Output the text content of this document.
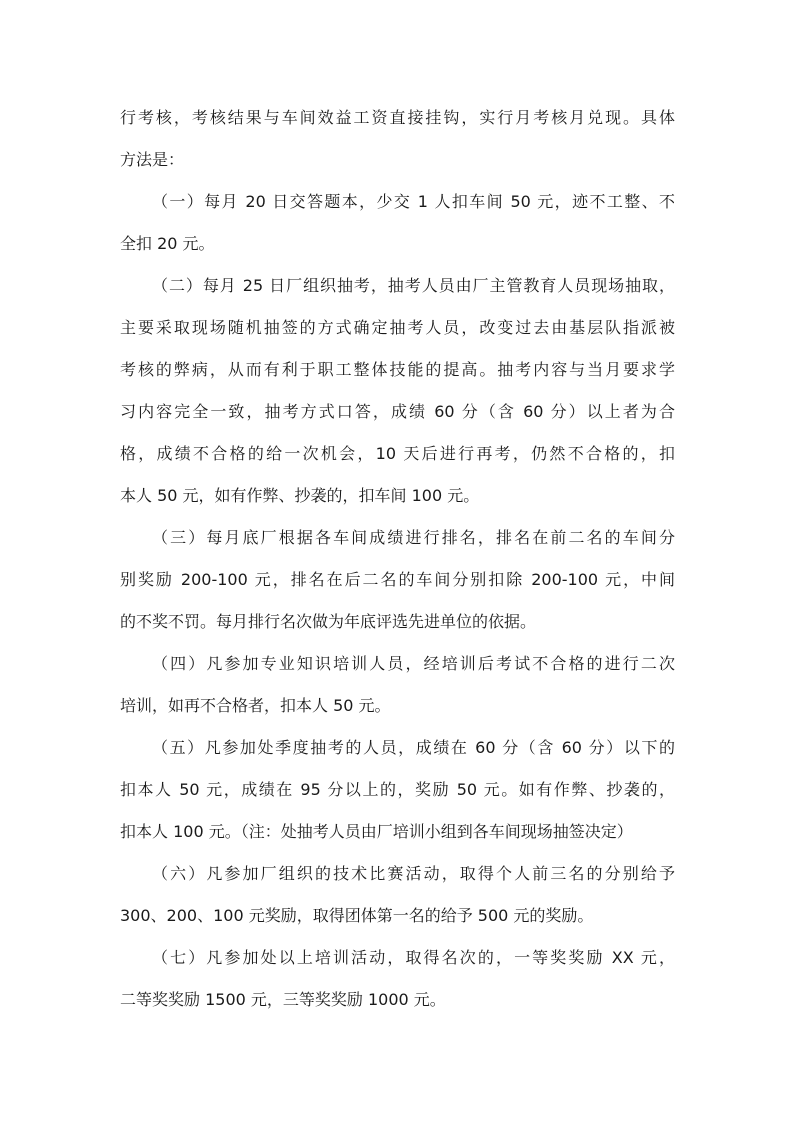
行考核，考核结果与车间效益工资直接挂钩，实行月考核月兑现。具体
方法是：
（一）每月 20 日交答题本，少交 1 人扣车间 50 元，迹不工整、不
全扣 20 元。
（二）每月 25 日厂组织抽考，抽考人员由厂主管教育人员现场抽取，
主要采取现场随机抽签的方式确定抽考人员，改变过去由基层队指派被
考核的弊病，从而有利于职工整体技能的提高。抽考内容与当月要求学
习内容完全一致，抽考方式口答，成绩 60 分（含 60 分）以上者为合
格，成绩不合格的给一次机会，10 天后进行再考，仍然不合格的，扣
本人 50 元，如有作弊、抄袭的，扣车间 100 元。
（三）每月底厂根据各车间成绩进行排名，排名在前二名的车间分
别奖励 200-100 元，排名在后二名的车间分别扣除 200-100 元，中间
的不奖不罚。每月排行名次做为年底评选先进单位的依据。
（四）凡参加专业知识培训人员，经培训后考试不合格的进行二次
培训，如再不合格者，扣本人 50 元。
（五）凡参加处季度抽考的人员，成绩在 60 分（含 60 分）以下的
扣本人 50 元，成绩在 95 分以上的，奖励 50 元。如有作弊、抄袭的，
扣本人 100 元。（注：处抽考人员由厂培训小组到各车间现场抽签决定）
（六）凡参加厂组织的技术比赛活动，取得个人前三名的分别给予
300、200、100 元奖励，取得团体第一名的给予 500 元的奖励。
（七）凡参加处以上培训活动，取得名次的，一等奖奖励 XX 元，
二等奖奖励 1500 元，三等奖奖励 1000 元。
